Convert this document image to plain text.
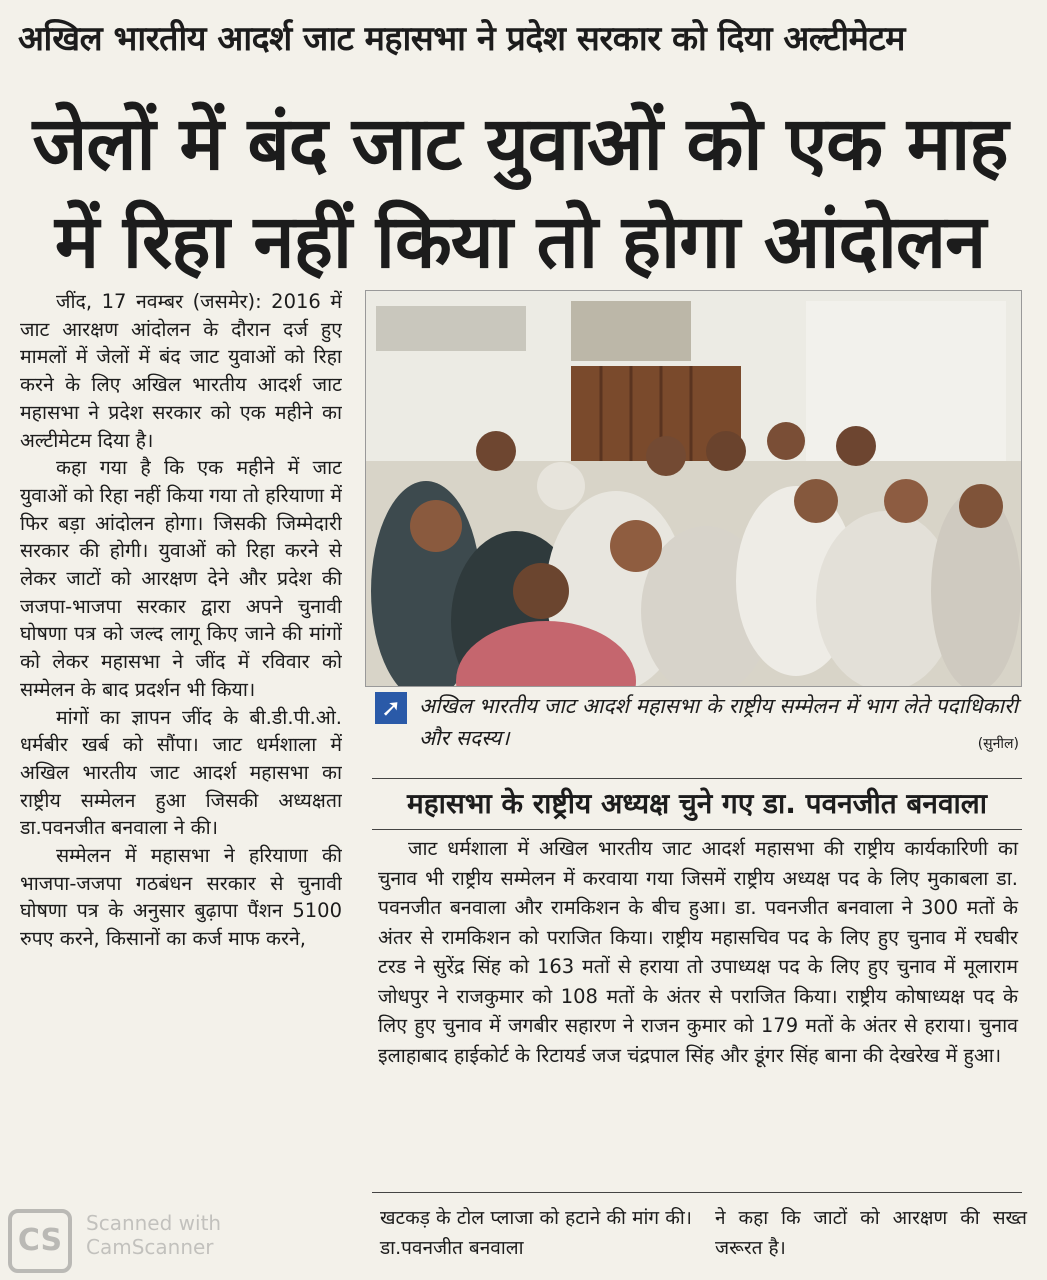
अखिल भारतीय आदर्श जाट महासभा ने प्रदेश सरकार को दिया अल्टीमेटम
जेलों में बंद जाट युवाओं को एक माह में रिहा नहीं किया तो होगा आंदोलन

जींद, 17 नवम्बर (जसमेर): 2016 में जाट आरक्षण आंदोलन के दौरान दर्ज हुए मामलों में जेलों में बंद जाट युवाओं को रिहा करने के लिए अखिल भारतीय आदर्श जाट महासभा ने प्रदेश सरकार को एक महीने का अल्टीमेटम दिया है।

कहा गया है कि एक महीने में जाट युवाओं को रिहा नहीं किया गया तो हरियाणा में फिर बड़ा आंदोलन होगा। जिसकी जिम्मेदारी सरकार की होगी। युवाओं को रिहा करने से लेकर जाटों को आरक्षण देने और प्रदेश की जजपा-भाजपा सरकार द्वारा अपने चुनावी घोषणा पत्र को जल्द लागू किए जाने की मांगों को लेकर महासभा ने जींद में रविवार को सम्मेलन के बाद प्रदर्शन भी किया।

मांगों का ज्ञापन जींद के बी.डी.पी.ओ. धर्मबीर खर्ब को सौंपा। जाट धर्मशाला में अखिल भारतीय जाट आदर्श महासभा का राष्ट्रीय सम्मेलन हुआ जिसकी अध्यक्षता डा.पवनजीत बनवाला ने की।

सम्मेलन में महासभा ने हरियाणा की भाजपा-जजपा गठबंधन सरकार से चुनावी घोषणा पत्र के अनुसार बुढ़ापा पैंशन 5100 रुपए करने, किसानों का कर्ज माफ करने,

➚ अखिल भारतीय जाट आदर्श महासभा के राष्ट्रीय सम्मेलन में भाग लेते पदाधिकारी और सदस्य।	(सुनील)
महासभा के राष्ट्रीय अध्यक्ष चुने गए डा. पवनजीत बनवाला

जाट धर्मशाला में अखिल भारतीय जाट आदर्श महासभा की राष्ट्रीय कार्यकारिणी का चुनाव भी राष्ट्रीय सम्मेलन में करवाया गया जिसमें राष्ट्रीय अध्यक्ष पद के लिए मुकाबला डा. पवनजीत बनवाला और रामकिशन के बीच हुआ। डा. पवनजीत बनवाला ने 300 मतों के अंतर से रामकिशन को पराजित किया। राष्ट्रीय महासचिव पद के लिए हुए चुनाव में रघबीर टरड ने सुरेंद्र सिंह को 163 मतों से हराया तो उपाध्यक्ष पद के लिए हुए चुनाव में मूलाराम जोधपुर ने राजकुमार को 108 मतों के अंतर से पराजित किया। राष्ट्रीय कोषाध्यक्ष पद के लिए हुए चुनाव में जगबीर सहारण ने राजन कुमार को 179 मतों के अंतर से हराया। चुनाव इलाहाबाद हाईकोर्ट के रिटायर्ड जज चंद्रपाल सिंह और डूंगर सिंह बाना की देखरेख में हुआ।

खटकड़ के टोल प्लाजा को हटाने की मांग की। डा.पवनजीत बनवाला
ने कहा कि जाटों को आरक्षण की सख्त जरूरत है।
CS	Scanned with
CamScanner
